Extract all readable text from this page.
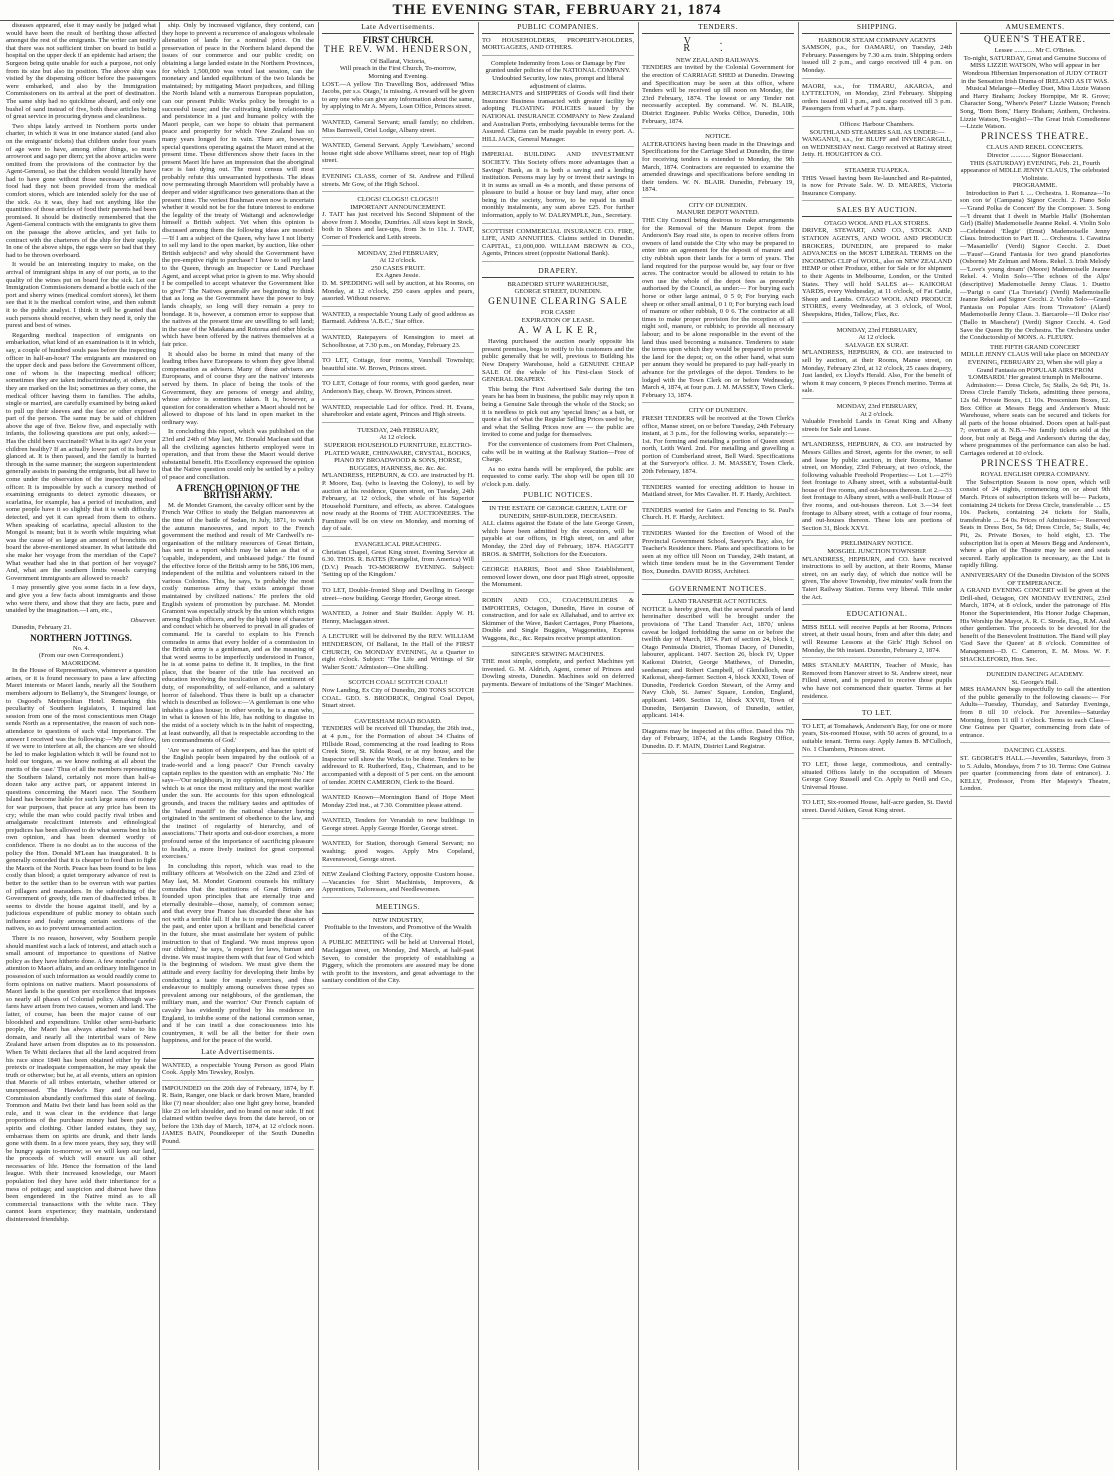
THE EVENING STAR, FEBRUARY 21, 1874

diseases appeared, else it may easily be judged what would have been the result of berthing those affected amongst the rest of the emigrants. The writer can testify that there was not sufficient timber on board to build a hospital on the upper deck if an epidemic had arisen; the Surgeon being quite unable for such a purpose, not only from its size but also its position. The above ship was visited by the dispensing officer before the passengers were embarked, and also by the Immigration Commissioners on its arrival at the port of destination. The same ship had no quicklime aboard, and only one bushel of sand instead of five, both these articles being of great service in procuring dryness and cleanliness.

Two ships lately arrived in Northern ports under charter, in which it was in one instance stated (and also on the emigrants' tickets) that children under four years of age were to have, among other things, so much arrowroot and sago per diem; yet the above articles were omitted from the provisions of the contractor by the Agent-General, so that the children would literally have had to have gone without those necessary articles of food had they not been provided from the medical comfort stores, which are intended solely for the use of the sick. As it was, they had not anything like the quantities of those articles of food their parents had been promised. It should be distinctly remembered that the Agent-General contracts with the emigrants to give them on the passage the above articles, and yet fails to contract with the charterers of the ship for their supply. In one of the above ships, the eggs were so bad that they had to be thrown overboard.

It would be an interesting inquiry to make, on the arrival of immigrant ships in any of our ports, as to the quality of the wines put on board for the sick. Let our Immigration Commissioners demand a bottle each of the port and sherry wines (medical comfort stores), let them see that it is the medical comfort wine, and then submit it to the public analyst. I think it will be granted that such persons should receive, when they need it, only the purest and best of wines.

Regarding medical inspection of emigrants on embarkation, what kind of an examination is it in which, say, a couple of hundred souls pass before the inspecting officer in half-an-hour? The emigrants are mustered on the upper deck and pass before the Government officer, one of whom is the inspecting medical officer; sometimes they are taken indiscriminately, at others, as they are marked on the list; sometimes as they come, the medical officer having them in families. The adults, single or married, are carefully examined by being asked to pull up their sleeves and the face or other exposed part of the person. The same may be said of children above the age of five. Below five, and especially with infants, the following questions are put only, asked:—Has the child been vaccinated? What is its age? Are your children healthy? If an actually lower part of its body is glanced at. It is then passed, and the family is hurried through in the same manner; the surgeon superintendent generally assists in passing the emigrants, but all have to come under the observation of the inspecting medical officer. It is impossible by such a cursory method of examining emigrants to detect zymotic diseases, or scarlatina, for example, has a period of incubation, and some people have it so slightly that it is with difficulty detected, and yet it can spread from them to others. When speaking of scarlatina, special allusion to the Mongol is meant; but it is worth while inquiring what was the cause of so large an amount of bronchitis on board the above-mentioned steamer. In what latitude did she make her voyage from the meridian of the Cape? What weather had she in that portion of her voyage? And, what are the southern limits vessels carrying Government immigrants are allowed to reach?

I may presently give you some facts in a few days, and give you a few facts about immigrants and those who were there, and show that they are facts, pure and unaided by the imagination.—I am, etc.,

Observer.

Dunedin, February 21.

NORTHERN JOTTINGS.
No. 4.
(From our own Correspondent.)
MAORIDOM.

In the House of Representatives, whenever a question arises, or it is found necessary to pass a law affecting Maori interests or Maori lands, nearly all the Southern members adjourn to Bellamy's, the Strangers' lounge, or to Osgood's Metropolitan Hotel. Remarking this peculiarity of Southern legislators, I inquired last session from one of the most conscientious men Otago sends North as a representative, the reason of such non-attendance to questions of such vital importance. The answer I received was the following:—'My dear fellow, if we were to interfere at all, the chances are we should be led to make legislation which it will be found not to hold our tongues, as we know nothing at all about the merits of the case.' Thus of all the members representing the Southern Island, certainly not more than half-a-dozen take any active part, or apparent interest in questions concerning the Maori race. The Southern Island has become liable for such large sums of money for war purposes, that peace at any price has been its cry; while the man who could pacify rival tribes and amalgamate recalcitrant interests and ethnological prejudices has been allowed to do what seems best in his own opinion, and has been deemed worthy of confidence. There is no doubt as to the success of the policy the Hon. Donald M'Lean has inaugurated. It is generally conceded that it is cheaper to feed than to fight the Maoris of the North. Peace has been found to be less costly than blood; a quiet temporary advance of rest is better to the settler than to be overrun with war parties of pillagers and marauders. In the subsidising of the Government of greedy, idle men of disaffected tribes. It seems to divide the house against itself, and by a judicious expenditure of public money to obtain such influence and fealty among certain sections of the natives, so as to prevent unwarranted action.

There is no reason, however, why Southern people should manifest such a lack of interest, and attach such a small amount of importance to questions of Native policy as they have hitherto done. A few months' careful attention to Maori affairs, and an ordinary intelligence in possession of such information as would readily come to form opinions on native matters. Maori possessions of Maori lands is the question per excellence that imposes so nearly all phases of Colonial policy. Although war-fares have arisen from two causes, women and land. The latter, of course, has been the major cause of our bloodshed and expenditure. Unlike other semi-barbaric people, the Maori has always attached value to his domain, and nearly all the intertribal wars of New Zealand have arisen from disputes as to its possession. When Te Whiti declares that all the land acquired from his race since 1840 has been obtained either by false pretexts or inadequate compensation, he may speak the truth or otherwise; but he, at all events, utters an opinion that Maoris of all tribes entertain, whether uttered or unexpressed. The Hawke's Bay and Manawatu Commission abundantly confirmed this state of feeling. Tommon and Matiu Iwi their land has been sold as the rule, and it was clear in the evidence that large proportions of the purchase money had been paid in spirits and clothing. Other landed estates, they say, embarrass them on spirits are drunk, and their lands gone with them. In a few more years, they say, they will be hungry again to-morrow; so we will keep our land, the proceeds of which will ensure us all other necessaries of life. Hence the formation of the land league. With their increased knowledge, our Maori population feel they have sold their inheritance for a mess of pottage; and suspicion and distrust have thus been engendered in the Native mind as to all commercial transactions with the white race. They cannot learn experience; they maintain, understand disinterested friendship.

ship. Only by increased vigilance, they contend, can they hope to prevent a recurrence of analogous wholesale alienation of lands for a nominal price. On the preservation of peace in the Northern Island depend the issues of our commerce and our public credit; on obtaining a large landed estate in the Northern Provinces, for which 1,500,000 was voted last session, can the monetary and landed equilibrium of the two Islands be maintained; by mitigating Maori prejudices, and filling the North Island with a numerous European population, can our present Public Works policy be brought to a successful issue; and the cultivating kindly relationship and persistence in a just and humane policy with the Maori people, can we hope to obtain that permanent peace and prosperity for which New Zealand has so many years longed for in vain. There are, however, special questions operating against the Maori mind at the present time. These differences show their faces in the present Maori life have an impression that the aboriginal race is fast dying out. The most census will most probably refute this unwarranted hypothesis. The ideas now permeating through Maoridom will probably have a deeper and wider significance two generations than at the present time. The veriest Bushman even now is uncertain whether it would not be for the future interest to endorse the legality of the treaty of Waitangi and acknowledge himself a British subject. Yet when this opinion is discussed among them the following ideas are mooted:—'If I am a subject of the Queen, why have I not liberty to sell my land to the open market, by auction, like other British subjects? and why should the Government have the pre-emptive right to purchase? I have to sell my land to the Queen, through an Inspector or Land Purchase Agent, and accept what price is given to me. Why should I be compelled to accept whatever the Government like to give?' The Natives generally are beginning to think that as long as the Government have the power to buy lands cheaply, so long will they remain a prey to bondage. It is, however, a common error to suppose that the natives at the present time are unwilling to sell land; in the case of the Matakana and Rotorua and other blocks which have been offered by the natives themselves at a fair price.

It should also be borne in mind that many of the leading tribes have Europeans to whom they give liberal compensation as advisers. Many of these advisers are Europeans, and of course they are the natives' interests served by them. In place of being the tools of the Government, they are persons of energy and ability, whose advice is sometimes taken. It is, however, a question for consideration whether a Maori should not be allowed to dispose of his land in open market in the ordinary way.

In concluding this report, which was published on the 23rd and 24th of May last, Mr. Donald Maclean said that all the civilizing agencies hitherto employed were in operation, and that from these the Maori would derive substantial benefit. His Excellency expressed the opinion that the Native question could only be settled by a policy of peace and conciliation.

A FRENCH OPINION OF THE BRITISH ARMY.

M. de Mondet Gramont, the cavalry officer sent by the French War Office to study the Belgian manoeuvres at the time of the battle of Sedan, in July, 1871, to watch the autumn manoeuvres, and report to the French government the method and result of Mr Cardwell's re-organisation of the military resources of Great Britain, has sent in a report which may be taken as that of a 'capable, independent, and unbiassed judge.' He found the effective force of the British army to be 586,106 men, independent of the militia and volunteers raised in the various Colonies. This, he says, 'is probably the most costly numerous army that exists amongst those maintained by civilized nations.' He prefers the old English system of promotion by purchase. M. Mondet Gramont was especially struck by the union which reigns among English officers, and by the high tone of character and conduct which he observed to prevail in all grades of command. He is careful to explain to his French comrades in arms that every holder of a commission in the British army is a gentleman, and as the meaning of that word seems to be imperfectly understood in France, he is at some pains to define it. It implies, in the first place, that the bearer of the title has received an education involving the inculcation of the sentiment of duty, of responsibility, of self-reliance, and a salutary horror of falsehood. Thus there is built up a character which is described as follows:—'A gentleman is one who inhabits a glass house; in other words, he is a man who, in what is known of his life, has nothing to disguise in the midst of a society which is in the habit of respecting, at least outwardly, all that is respectable according to the ten commandments of God.'

'Are we a nation of shopkeepers, and has the spirit of the English people been impaired by the outlook of a trade-world and a long peace?' Our French cavalry captain replies to the question with an emphatic 'No.' He says—'Our neighbours, in my opinion, represent the race which is at once the most military and the most warlike under the sun. He accounts for this upon ethnological grounds, and traces the military tastes and aptitudes of the 'island mastiff' to the national character having originated in 'the sentiment of obedience to the law, and the instinct of regularity of hierarchy, and of associations.' Their sports and out-door exercises, a more profound sense of the importance of sacrificing pleasure to health, a more lively instinct for great corporeal exercises.'

In concluding this report, which was read to the military officers at Woolwich on the 22nd and 23rd of May last, M. Mondet Gramont counsels his military comrades that the institutions of Great Britain are founded upon principles that are eternally true and eternally desirable—those, namely, of common sense; and that every true France has discarded these she has not with a terrible fall. If she is to repair the disasters of the past, and enter upon a brilliant and beneficial career in the future, she must assimilate her system of public instruction to that of England. 'We must impress upon our children,' he says, 'a respect for laws, human and divine. We must inspire them with that fear of God which is the beginning of wisdom. We must give them the attitude and every facility for developing their limbs by conducting a taste for manly exercises, and thus endeavour to multiply among ourselves those types so prevalent among our neighbours, of the gentleman, the military man, and the warrior.' Our French captain of cavalry has evidently profited by his residence in England, to imbibe some of the national common sense, and if he can instil a due consciousness into his countrymen, it will be all the better for their own happiness, and for the peace of the world.

Late Advertisements.
WANTED, a respectable Young Person as good Plain Cook. Apply Mrs Tewsley, Roslyn.
IMPOUNDED on the 20th day of February, 1874, by F. R. Bain, Ranger, one black or dark brown Mare, branded like (?) near shoulder; also one light grey horse, branded like 23 on left shoulder, and no brand on near side. If not claimed within twelve days from the date hereof, on or before the 13th day of March, 1874, at 12 o'clock noon. JAMES BAIN, Poundkeeper of the South Dunedin Pound.
Late Advertisements.
FIRST CHURCH.
THE REV. WM. HENDERSON,
Of Ballarat, Victoria,
Will preach in the First Church, To-morrow,
Morning and Evening.
LOST.—A yellow Tin Travelling Box, addressed 'Miss Jacobs, per s.s. Otago,' is missing. A reward will be given to any one who can give any information about the same, by applying to Mr A. Myers, Loan Office, Princes street.
WANTED, General Servant; small family; no children. Miss Barnwell, Oriel Lodge, Albany street.
WANTED, General Servant. Apply 'Lewisham,' second house right side above Williams street, near top of High street.
EVENING CLASS, corner of St. Andrew and Filleul streets. Mr Gow, of the High School.
CLOGS! CLOGS!! CLOGS!!!
IMPORTANT ANNOUNCEMENT.
J. TAIT has just received his Second Shipment of the above from J. Moodie, Dumfries. All sizes kept in Stock, both in Shoes and lace-ups, from 3s to 11s. J. TAIT, Corner of Frederick and Leith streets.
MONDAY, 23rd FEBRUARY,
At 12 o'clock.
250 CASES FRUIT.
Ex Agnes Jessie.
D. M. SPEDDING will sell by auction, at his Rooms, on Monday, at 12 o'clock, 250 cases apples and pears, assorted. Without reserve.
WANTED, a respectable Young Lady of good address as Barmaid. Address 'A.B.C.,' Star office.
WANTED, Ratepayers of Kensington to meet at Schoolhouse, at 7.30 p.m., on Monday, February 23.
TO LET, Cottage, four rooms, Vauxhall Township; beautiful site. W. Brown, Princes street.
TO LET, Cottage of four rooms, with good garden, near Anderson's Bay, cheap. W. Brown, Princes street.
WANTED, respectable Lad for office. Fred. H. Evans, sharebroker and estate agent, Princes and High streets.
TUESDAY, 24th FEBRUARY,
At 12 o'clock.
SUPERIOR HOUSEHOLD FURNITURE, ELECTRO-PLATED WARE, CHINAWARE, CRYSTAL, BOOKS, PIANO BY BROADWOOD & SONS, HORSE, BUGGIES, HARNESS, &c. &c. &c.
M'LANDRESS, HEPBURN, & CO. are instructed by H. P. Moore, Esq. (who is leaving the Colony), to sell by auction at his residence, Queen street, on Tuesday, 24th February, at 12 o'clock, the whole of his Superior Household Furniture, and effects, as above. Catalogues now ready at the Rooms of THE AUCTIONEERS. The Furniture will be on view on Monday, and morning of day of sale.
EVANGELICAL PREACHING.
Christian Chapel, Great King street. Evening Service at 6.30. THOS. R. BATES (Evangelist, from America) Will (D.V.) Preach TO-MORROW EVENING. Subject: 'Setting up of the Kingdom.'
TO LET, Double-fronted Shop and Dwelling in George street—now building. George Horder, George street.
WANTED, a Joiner and Stair Builder. Apply W. H. Henny, Maclaggan street.
A LECTURE will be delivered By the REV. WILLIAM HENDERSON, Of Ballarat, In the Hall of the FIRST CHURCH, On MONDAY EVENING, At a Quarter to eight o'clock. Subject: 'The Life and Writings of Sir Walter Scott.' Admission—One shilling.
SCOTCH COAL! SCOTCH COAL!!
Now Landing, Ex City of Dunedin, 200 TONS SCOTCH COAL. GEO. S. BRODRICK, Original Coal Depot, Stuart street.
CAVERSHAM ROAD BOARD.
TENDERS will be received till Thursday, the 26th inst., at 4 p.m., for the Formation of about 34 Chains of Hillside Road, commencing at the road leading to Ross Creek Store, St. Kilda Road, or at my house, and the Inspector will show the Works to be done. Tenders to be addressed to R. Rutherford, Esq., Chairman, and to be accompanied with a deposit of 5 per cent. on the amount of tender. JOHN CAMERON, Clerk to the Board.
WANTED Known—Mornington Band of Hope Meet Monday 23rd inst., at 7.30. Committee please attend.
WANTED, Tenders for Verandah to new buildings in George street. Apply George Horder, George street.
WANTED, for Station, thorough General Servant; no washing; good wages. Apply Mrs Copeland, Ravenswood, George street.
NEW Zealand Clothing Factory, opposite Custom house.—Vacancies for Shirt Machinists, Improvers, & Apprentices, Tailoresses, and Needlewomen.
MEETINGS.
NEW INDUSTRY,
Profitable to the Investors, and Promotive of the Wealth of the City.
A PUBLIC MEETING will be held at Universal Hotel, Maclaggan street, on Monday, 2nd March, at half-past Seven, to consider the propriety of establishing a Piggery, which the promoters are assured may be done with profit to the investors, and great advantage to the sanitary condition of the City.
PUBLIC COMPANIES.
TO HOUSEHOLDERS, PROPERTY-HOLDERS, MORTGAGEES, AND OTHERS.
Complete Indemnity from Loss or Damage by Fire granted under policies of the NATIONAL COMPANY. Undoubted Security, low rates, prompt and liberal adjustment of claims.
MERCHANTS and SHIPPERS of Goods will find their Insurance Business transacted with greater facility by adopting FLOATING POLICIES issued by the NATIONAL INSURANCE COMPANY to New Zealand and Australian Ports, embodying favourable terms for the Assured. Claims can be made payable in every port. A. HILL JACK, General Manager.
IMPERIAL BUILDING AND INVESTMENT SOCIETY. This Society offers more advantages than a Savings' Bank, as it is both a saving and a lending institution. Persons may lay by or invest their savings in it in sums as small as 4s a month, and these persons of pleasure to build a house or buy land may, after once being in the society, borrow, to be repaid in small monthly instalments, any sum above £25. For further information, apply to W. DALRYMPLE, Jun., Secretary.
SCOTTISH COMMERCIAL INSURANCE CO. FIRE, LIFE, AND ANNUITIES. Claims settled in Dunedin. CAPITAL, £1,000,000. WILLIAM BROWN & CO., Agents, Princes street (opposite National Bank).
DRAPERY.
BRADFORD STUFF WAREHOUSE,
GEORGE STREET, DUNEDIN.
GENUINE CLEARING SALE
FOR CASH!
EXPIRATION OF LEASE.
A. W A L K E R,

Having purchased the auction nearly opposite his present premises, begs to notify to his customers and the public generally that he will, previous to Building his New Drapery Warehouse, hold a GENUINE CHEAP SALE Of the whole of his First-class Stock of GENERAL DRAPERY.

This being the First Advertised Sale during the ten years he has been in business, the public may rely upon it being a Genuine Sale through the whole of the Stock; so it is needless to pick out any 'special lines;' as a bait, or quote a list of what the Regular Selling Prices used to be, and what the Selling Prices now are — the public are invited to come and judge for themselves.

For the convenience of customers from Port Chalmers, cabs will be in waiting at the Railway Station—Free of Charge.

As no extra hands will be employed, the public are requested to come early. The shop will be open till 10 o'clock p.m. daily.

PUBLIC NOTICES.
IN THE ESTATE OF GEORGE GREEN, LATE OF DUNEDIN, SHIP-BUILDER, DECEASED.
ALL claims against the Estate of the late George Green, which have been admitted by the executors, will be payable at our offices, in High street, on and after Monday, the 23rd day of February, 1874. HAGGITT BROS. & SMITH, Solicitors for the Executors.
GEORGE HARRIS, Boot and Shoe Establishment, removed lower down, one door past High street, opposite the Monument.
ROBIN AND CO., COACHBUILDERS & IMPORTERS, Octagon, Dunedin, Have in course of construction, and for sale ex Allahabad, and to arrive ex Skimmer of the Wave, Basket Carriages, Pony Phaetons, Double and Single Buggies, Waggonettes, Express Waggons, &c., &c. Repairs receive prompt attention.
SINGER'S SEWING MACHINES.
THE most simple, complete, and perfect Machines yet invented. G. M. Aldrich, Agent, corner of Princes and Dowling streets, Dunedin. Machines sold on deferred payments. Beware of imitations of the 'Singer' Machines.
TENDERS.
V. R.
NEW ZEALAND RAILWAYS.
TENDERS are invited by the Colonial Government for the erection of CARRIAGE SHED at Dunedin. Drawing and Specification may be seen at this office, where Tenders will be received up till noon on Monday, the 23rd February, 1874. The lowest or any Tender not necessarily accepted. By command. W. N. BLAIR, District Engineer. Public Works Office, Dunedin, 10th February, 1874.
NOTICE.
ALTERATIONS having been made in the Drawings and Specifications for the Carriage Shed at Dunedin, the time for receiving tenders is extended to Monday, the 9th March, 1874. Contractors are requested to examine the amended drawings and specifications before sending in their tenders. W. N. BLAIR. Dunedin, February 19, 1874.
CITY OF DUNEDIN.
MANURE DEPOT WANTED.
THE City Council being desirous to make arrangements for the Removal of the Manure Depot from the Anderson's Bay road site, is open to receive offers from owners of land outside the City who may be prepared to enter into an agreement for the deposit of manure and city rubbish upon their lands for a term of years. The land required for the purpose would be, say four or five acres. The contractor would be allowed to retain to his own use the whole of the depot fees as presently authorised by the Council, as under:— For burying each horse or other large animal, 0 5 0; For burying each sheep or other small animal, 0 1 0; For burying each load of manure or other rubbish, 0 0 6. The contractor at all times to make proper provision for the reception of all night soil, manure, or rubbish; to provide all necessary labour; and to be alone responsible in the event of the land thus used becoming a nuisance. Tenderers to state the terms upon which they would be prepared to provide the land for the depot; or, on the other hand, what sum per annum they would be prepared to pay half-yearly in advance for the privileges of the depot. Tenders to be lodged with the Town Clerk on or before Wednesday, March 4, 1874, at four p.m. J. M. MASSEY, Town Clerk. February 13, 1874.
CITY OF DUNEDIN.
FRESH TENDERS will be received at the Town Clerk's office, Manse street, on or before Tuesday, 24th February instant, at 3 p.m., for the following works, separately:— 1st. For forming and metalling a portion of Queen street north, Leith Ward. 2nd. For metalling and gravelling a portion of Cumberland street, Bell Ward. Specifications at the Surveyor's office. J. M. MASSEY, Town Clerk. 20th February, 1874.
TENDERS wanted for erecting addition to house in Maitland street, for Mrs Cavalier. H. F. Hardy, Architect.
TENDERS wanted for Gates and Fencing to St. Paul's Church. H. F. Hardy, Architect.
TENDERS Wanted for the Erection of Wood of the Provincial Government School, Sawyer's Bay; also, for Teacher's Residence there. Plans and specifications to be seen at my office till Noon on Tuesday, 24th instant, at which time tenders must be in the Government Tender Box, Dunedin. DAVID ROSS, Architect.
GOVERNMENT NOTICES.
LAND TRANSFER ACT NOTICES.
NOTICE is hereby given, that the several parcels of land hereinafter described will be brought under the provisions of 'The Land Transfer Act, 1870,' unless caveat be lodged forbidding the same on or before the twelfth day of March, 1874. Part of section 24, block I, Otago Peninsula District, Thomas Dacey, of Dunedin, labourer, applicant. 1407. Section 26, block IV, Upper Kaikorai District, George Matthews, of Dunedin, seedsman; and Robert Campbell, of Glenfalloch, near Kaikorai, sheep-farmer. Section 4, block XXXI, Town of Dunedin, Frederick Gordon Stewart, of the Army and Navy Club, St. James' Square, London, England, applicant. 1409. Section 12, block XXVII, Town of Dunedin, Benjamin Dawson, of Dunedin, settler, applicant. 1414.
Diagrams may be inspected at this office. Dated this 7th day of February, 1874, at the Lands Registry Office, Dunedin. D. F. MAIN, District Land Registrar.
SHIPPING.
HARBOUR STEAM COMPANY AGENTS
SAMSON, p.s., for OAMARU, on Tuesday, 24th February. Passengers by 7.30 a.m. train. Shipping orders issued till 2 p.m., and cargo received till 4 p.m. on Monday.
MAORI, s.s., for TIMARU, AKAROA, and LYTTELTON, on Monday, 23rd February. Shipping orders issued till 1 p.m., and cargo received till 3 p.m. Passengers from wharf at 7 p.m. sharp.
Offices: Harbour Chambers.
SOUTHLAND STEAMERS SAIL AS UNDER:—
WANGANUI, s.s., for BLUFF and INVERCARGILL, on WEDNESDAY next. Cargo received at Rattray street Jetty. H. HOUGHTON & CO.
STEAMER TUAPEKA.
THIS Vessel having been Re-launched and Re-painted, is now for Private Sale. W. D. MEARES, Victoria Insurance Company.
SALES BY AUCTION.
OTAGO WOOL AND FLAX STORES.
DRIVER, STEWART, AND CO., STOCK AND STATION AGENTS, AND WOOL AND PRODUCE BROKERS, DUNEDIN, are prepared to make ADVANCES on the MOST LIBERAL TERMS on the INCOMING CLIP of WOOL, also on NEW ZEALAND HEMP or other Produce, either for Sale or for shipment to their Agents in Melbourne, London, or the United States. They will hold SALES at— KAIKORAI YARDS, every Wednesday, at 11 o'clock, of Fat Cattle, Sheep and Lambs. OTAGO WOOL AND PRODUCE STORES, every Wednesday, at 3 o'clock, of Wool, Sheepskins, Hides, Tallow, Flax, &c.
MONDAY, 23rd FEBRUARY,
At 12 o'clock.
SALVAGE EX SURAT.
M'LANDRESS, HEPBURN, & CO. are instructed to sell by auction, at their Rooms, Manse street, on Monday, February 23rd, at 12 o'clock, 25 cases drapery, Just landed, ex Lloyd's Herald. Also, For the benefit of whom it may concern, 9 pieces French merino. Terms at sale.
MONDAY, 23rd FEBRUARY,
At 2 o'clock.
Valuable Freehold Lands in Great King and Albany streets for Sale and Lease.
M'LANDRESS, HEPBURN, & CO. are instructed by Messrs Gillies and Street, agents for the owner, to sell and lease by public auction, in their Rooms, Manse street, on Monday, 23rd February, at two o'clock, the following valuable Freehold Properties:— Lot 1.—27½ feet frontage to Albany street, with a substantial-built house of five rooms, and out-houses thereon. Lot 2.—33 feet frontage to Albany street, with a well-built House of five rooms, and out-houses thereon. Lot 3.—34 feet frontage to Albany street, with a cottage of four rooms, and out-houses thereon. These lots are portions of Section 31, Block XXVI.
PRELIMINARY NOTICE.
MOSGIEL JUNCTION TOWNSHIP.
M'LANDRESS, HEPBURN, and CO. have received instructions to sell by auction, at their Rooms, Manse street, on an early day, of which due notice will be given, The above Township, five minutes' walk from the Taieri Railway Station. Terms very liberal. Title under the Act.
EDUCATIONAL.
MISS BELL will receive Pupils at her Rooms, Princes street, at their usual hours, from and after this date; and will Resume Lessons at the Girls' High School on Monday, the 9th instant. Dunedin, February 2, 1874.
MRS STANLEY MARTIN, Teacher of Music, has Removed from Hanover street to St. Andrew street, near Filleul street, and is prepared to receive those pupils who have not commenced their quarter. Terms at her residence.
TO LET.
TO LET, at Tomahawk, Anderson's Bay, for one or more years, Six-roomed House, with 50 acres of ground, to a suitable tenant. Terms easy. Apply James B. M'Culloch, No. 1 Chambers, Princes street.
TO LET, those large, commodious, and centrally-situated Offices lately in the occupation of Messrs George Gray Russell and Co. Apply to Neill and Co., Universal House.
TO LET, Six-roomed House, half-acre garden, St. David street. David Aitken, Great King street.
AMUSEMENTS.
QUEEN'S THEATRE.
Lessee ............ Mr C. O'Brien.
To-night, SATURDAY, Great and Genuine Success of MISS LIZZIE WATSON, Who will appear in her Wondrous Hibernian Impersonation of JUDY O'TROT in the Sensation Irish Drama of IRELAND AS IT WAS.

Musical Melange—Medley Duet, Miss Lizzie Watson and Harry Braham; Jockey Hornpipe, Mr R. Grove; Character Song, 'Where's Peter?' Lizzie Watson; French Song, 'Bom Bom,' Harry Braham; Anthem, Orchestra. Lizzie Watson, To-night!—The Great Irish Comedienne—Lizzie Watson.

PRINCESS THEATRE.
CLAUS AND REKEL CONCERTS.
Director ............ Signor Bissacciani.
THIS (SATURDAY) EVENING, Feb. 21, Fourth appearance of MDLLE JENNY CLAUS, The celebrated Violiniste.
PROGRAMME.

Introduction to Part I. .... Orchestra. 1. Romanza—'Io son con te' (Campana) Signor Cecchi. 2. Piano Solo—'Grand Polka de Concert' By the Composer. 3. Song—'I dreamt that I dwelt in Marble Halls' (Bohemian Girl) (Balfe) Mademoiselle Jeanne Rekel. 4. Violin Solo—Celebrated 'Elegie' (Ernst) Mademoiselle Jenny Claus. Introduction to Part II. .... Orchestra. 1. Cavatina—'Masaniello' (Verdi) Signor Cecchi. 2. Duet—'Faust'—Grand Fantasia for two grand pianofortes (Osborne) Mr Zelman and Mons. Rekel. 3. Irish Melody—'Love's young dream' (Moore) Mademoiselle Jeanne Rekel. 4. Violin Solo—'The echoes of the Alps' (descriptive) Mademoiselle Jenny Claus. 1. Duetto—'Parigi o cara' ('La Traviata') (Verdi) Mademoiselle Jeanne Rekel and Signor Cecchi. 2. Violin Solo—Grand Fantasia on Popular Airs from 'Trovatore' (Alard) Mademoiselle Jenny Claus. 3. Barcarole—'Il Dolce riso' ('Ballo in Maschera') (Verdi) Signor Cecchi. 4. God Save the Queen By the Orchestra. The Orchestra under the Conductorship of MONS. A. FLEURY.

THE FIFTH GRAND CONCERT
MDLLE JENNY CLAUS Will take place on MONDAY EVENING, FEBRUARY 23, When she will play a Grand Fantasia on POPULAR AIRS FROM 'LOMBARDI.' Her greatest triumph in Melbourne.

Admission:— Dress Circle, 5s; Stalls, 2s 6d; Pit, 1s. Dress Circle Family Tickets, admitting three persons, 12s 6d. Private Boxes, £1 10s. Proscenium Boxes, £2. Box Office at Messrs Begg and Anderson's Music Warehouse, where seats can be secured and tickets for all parts of the house obtained. Doors open at half-past 7; overture at 8. N.B.—No family tickets sold at the door, but only at Begg and Anderson's during the day, where programmes of the performance can also be had. Carriages ordered at 10 o'clock.

PRINCESS THEATRE.
ROYAL ENGLISH OPERA COMPANY.

The Subscription Season is now open, which will consist of 24 nights, commencing on or about 9th March. Prices of subscription tickets will be— Packets, containing 24 tickets for Dress Circle, transferable .... £5 10s. Packets, containing 24 tickets for Stalls, transferable .... £4 0s. Prices of Admission:— Reserved Seats in Dress Box, 5s 6d; Dress Circle, 5s; Stalls, 4s; Pit, 2s. Private Boxes, to hold eight, £3. The subscription list is open at Messrs Begg and Anderson's, where a plan of the Theatre may be seen and seats secured. Early application is necessary, as the List is rapidly filling.

ANNIVERSARY Of the Dunedin Division of the SONS OF TEMPERANCE.
A GRAND EVENING CONCERT will be given at the Drill-shed, Octagon, ON MONDAY EVENING, 23rd March, 1874, at 8 o'clock, under the patronage of His Honor the Superintendent, His Honor Judge Chapman, His Worship the Mayor, A. R. C. Strode, Esq., R.M. And other gentlemen. The proceeds to be devoted for the benefit of the Benevolent Institution. The Band will play 'God Save the Queen' at 8 o'clock. Committee of Management—D. C. Cameron, E. M. Moss. W. F. SHACKLEFORD, Hon. Sec.
DUNEDIN DANCING ACADEMY.
St. George's Hall.
MRS HAMANN begs respectfully to call the attention of the public generally to the following classes:— For Adults—Tuesday, Thursday, and Saturday Evenings, from 8 till 10 o'clock. For Juveniles—Saturday Morning, from 11 till 1 o'clock. Terms to each Class—One Guinea per Quarter, commencing from date of entrance.
DANCING CLASSES.
ST. GEORGE'S HALL.—Juveniles, Saturdays, from 3 to 5. Adults, Mondays, from 7 to 10. Terms: One Guinea per quarter (commencing from date of entrance). J. KELLY, Professor, From Her Majesty's Theatre, London.
